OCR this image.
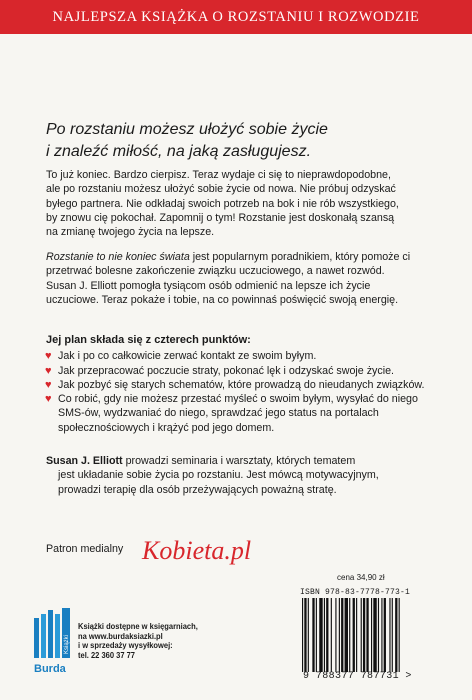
NAJLEPSZA KSIĄŻKA O ROZSTANIU I ROZWODZIE
Po rozstaniu możesz ułożyć sobie życie
i znaleźć miłość, na jaką zasługujesz.
To już koniec. Bardzo cierpisz. Teraz wydaje ci się to nieprawdopodobne,
ale po rozstaniu możesz ułożyć sobie życie od nowa. Nie próbuj odzyskać
byłego partnera. Nie odkładaj swoich potrzeb na bok i nie rób wszystkiego,
by znowu cię pokochał. Zapomnij o tym! Rozstanie jest doskonałą szansą
na zmianę twojego życia na lepsze.
Rozstanie to nie koniec świata jest popularnym poradnikiem, który pomoże ci
przetrwać bolesne zakończenie związku uczuciowego, a nawet rozwód.
Susan J. Elliott pomogła tysiącom osób odmienić na lepsze ich życie
uczuciowe. Teraz pokaże i tobie, na co powinnaś poświęcić swoją energię.
Jej plan składa się z czterech punktów:
♥ Jak i po co całkowicie zerwać kontakt ze swoim byłym.
♥ Jak przepracować poczucie straty, pokonać lęk i odzyskać swoje życie.
♥ Jak pozbyć się starych schematów, które prowadzą do nieudanych związków.
♥ Co robić, gdy nie możesz przestać myśleć o swoim byłym, wysyłać do niego SMS-ów, wydzwaniać do niego, sprawdzać jego status na portalach społecznościowych i krążyć pod jego domem.
Susan J. Elliott prowadzi seminaria i warsztaty, których tematem
jest układanie sobie życia po rozstaniu. Jest mówcą motywacyjnym,
prowadzi terapię dla osób przeżywających poważną stratę.
Patron medialny Kobieta.pl
cena 34,90 zł
ISBN 978-83-7778-773-1
9 788377 787731 >
Książki
Burda
Książki dostępne w księgarniach,
na www.burdaksiazki.pl
i w sprzedaży wysyłkowej:
tel. 22 360 37 77
